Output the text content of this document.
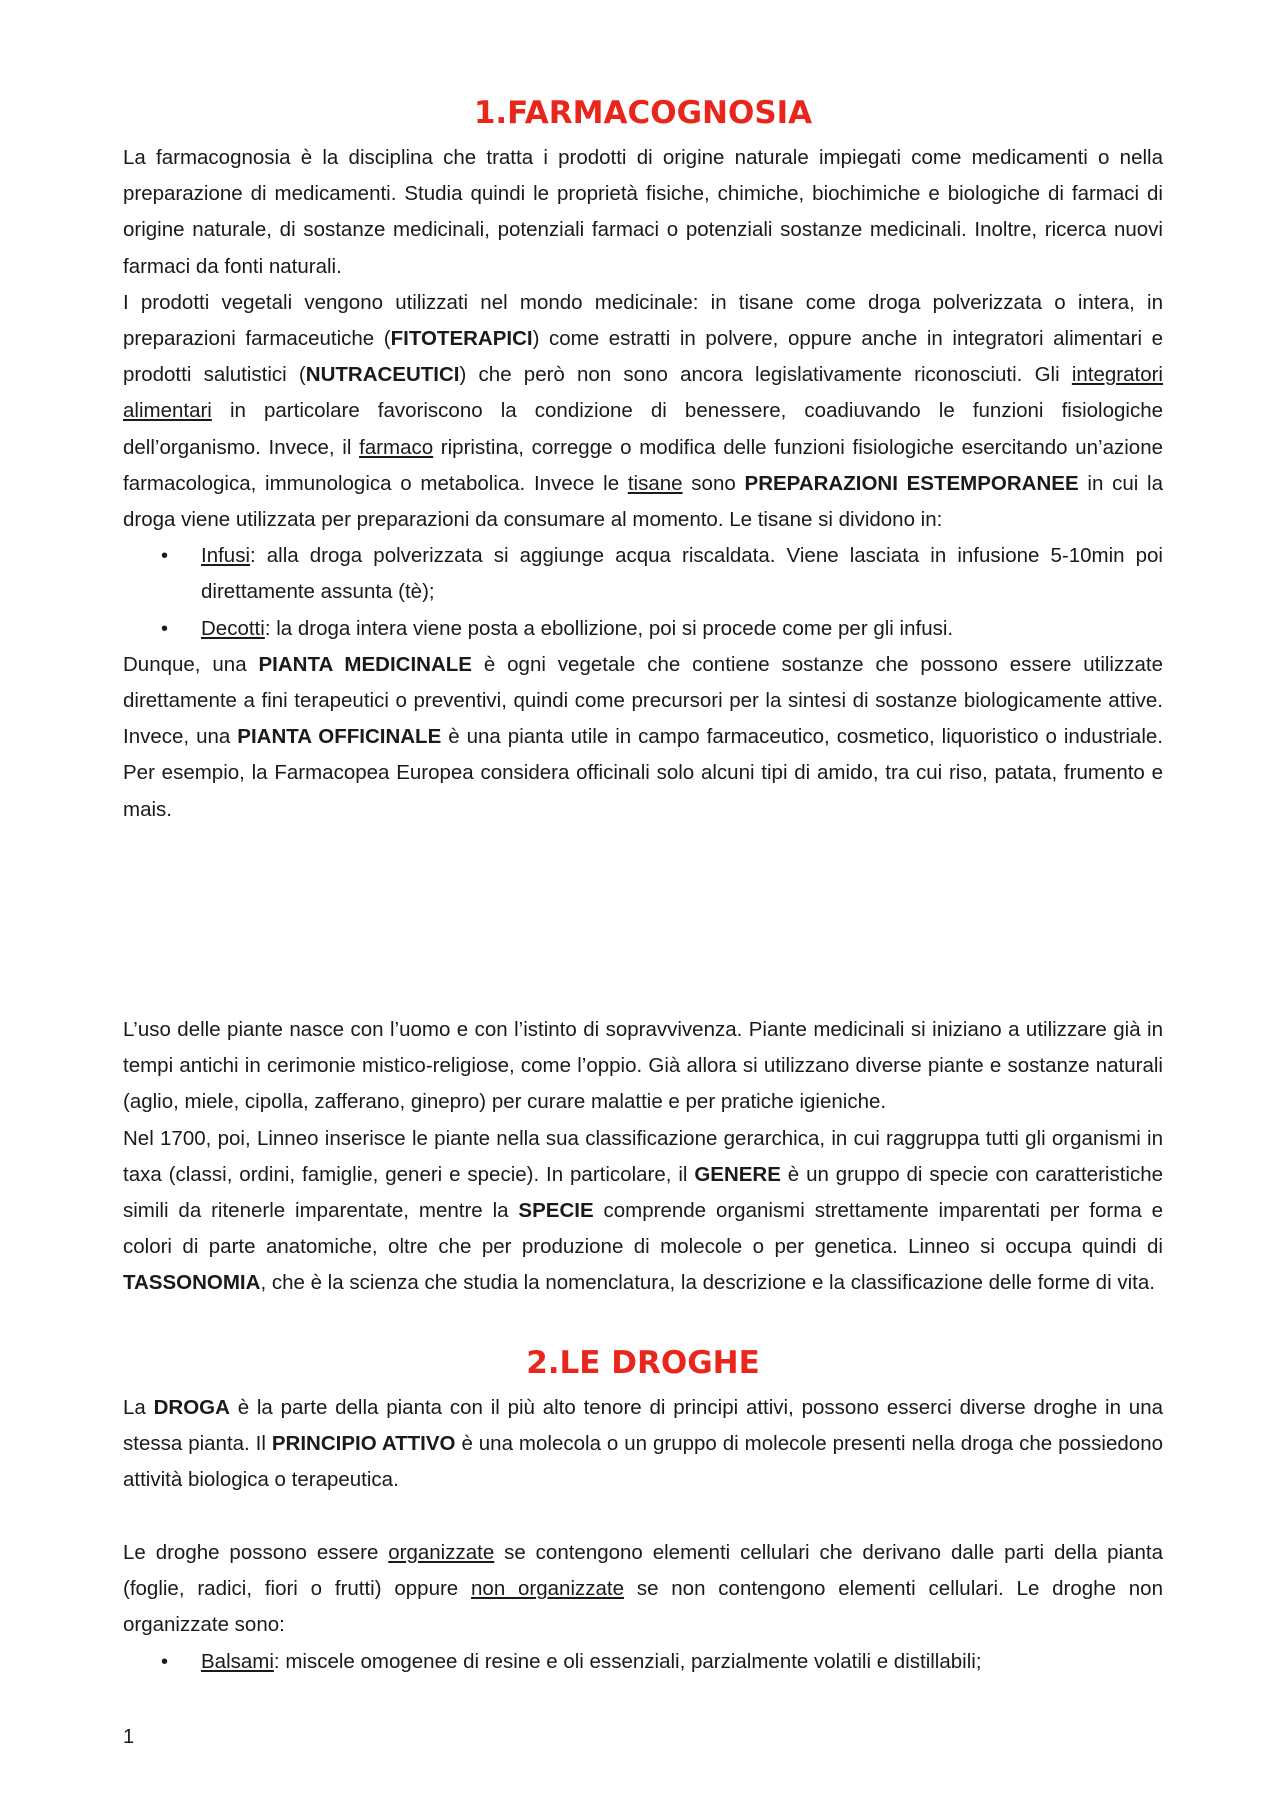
1.FARMACOGNOSIA

La farmacognosia è la disciplina che tratta i prodotti di origine naturale impiegati come medicamenti o nella preparazione di medicamenti. Studia quindi le proprietà fisiche, chimiche, biochimiche e biologiche di farmaci di origine naturale, di sostanze medicinali, potenziali farmaci o potenziali sostanze medicinali. Inoltre, ricerca nuovi farmaci da fonti naturali.

I prodotti vegetali vengono utilizzati nel mondo medicinale: in tisane come droga polverizzata o intera, in preparazioni farmaceutiche (FITOTERAPICI) come estratti in polvere, oppure anche in integratori alimentari e prodotti salutistici (NUTRACEUTICI) che però non sono ancora legislativamente riconosciuti. Gli integratori alimentari in particolare favoriscono la condizione di benessere, coadiuvando le funzioni fisiologiche dell’organismo. Invece, il farmaco ripristina, corregge o modifica delle funzioni fisiologiche esercitando un’azione farmacologica, immunologica o metabolica. Invece le tisane sono PREPARAZIONI ESTEMPORANEE in cui la droga viene utilizzata per preparazioni da consumare al momento. Le tisane si dividono in:

• Infusi: alla droga polverizzata si aggiunge acqua riscaldata. Viene lasciata in infusione 5-10min poi direttamente assunta (tè);
• Decotti: la droga intera viene posta a ebollizione, poi si procede come per gli infusi.

Dunque, una PIANTA MEDICINALE è ogni vegetale che contiene sostanze che possono essere utilizzate direttamente a fini terapeutici o preventivi, quindi come precursori per la sintesi di sostanze biologicamente attive. Invece, una PIANTA OFFICINALE è una pianta utile in campo farmaceutico, cosmetico, liquoristico o industriale. Per esempio, la Farmacopea Europea considera officinali solo alcuni tipi di amido, tra cui riso, patata, frumento e mais.

L’uso delle piante nasce con l’uomo e con l’istinto di sopravvivenza. Piante medicinali si iniziano a utilizzare già in tempi antichi in cerimonie mistico-religiose, come l’oppio. Già allora si utilizzano diverse piante e sostanze naturali (aglio, miele, cipolla, zafferano, ginepro) per curare malattie e per pratiche igieniche.

Nel 1700, poi, Linneo inserisce le piante nella sua classificazione gerarchica, in cui raggruppa tutti gli organismi in taxa (classi, ordini, famiglie, generi e specie). In particolare, il GENERE è un gruppo di specie con caratteristiche simili da ritenerle imparentate, mentre la SPECIE comprende organismi strettamente imparentati per forma e colori di parte anatomiche, oltre che per produzione di molecole o per genetica. Linneo si occupa quindi di TASSONOMIA, che è la scienza che studia la nomenclatura, la descrizione e la classificazione delle forme di vita.

2.LE DROGHE

La DROGA è la parte della pianta con il più alto tenore di principi attivi, possono esserci diverse droghe in una stessa pianta. Il PRINCIPIO ATTIVO è una molecola o un gruppo di molecole presenti nella droga che possiedono attività biologica o terapeutica.

Le droghe possono essere organizzate se contengono elementi cellulari che derivano dalle parti della pianta (foglie, radici, fiori o frutti) oppure non organizzate se non contengono elementi cellulari. Le droghe non organizzate sono:

• Balsami: miscele omogenee di resine e oli essenziali, parzialmente volatili e distillabili;
1
